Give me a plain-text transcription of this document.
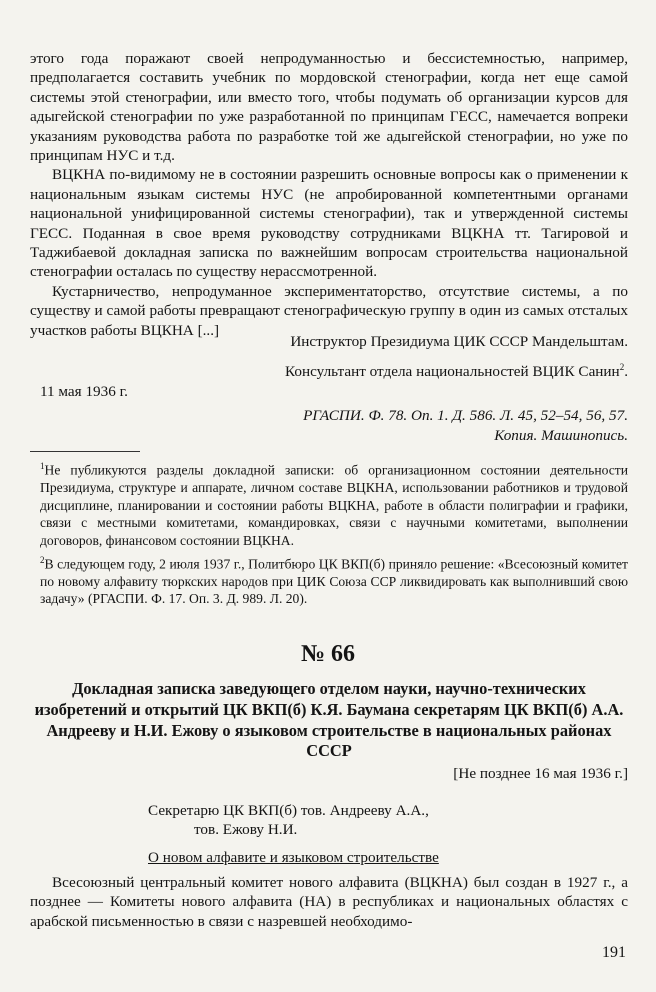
этого года поражают своей непродуманностью и бессистемностью, например, предполагается составить учебник по мордовской стенографии, когда нет еще самой системы этой стенографии, или вместо того, чтобы подумать об организации курсов для адыгейской стенографии по уже разработанной по принципам ГЕСС, намечается вопреки указаниям руководства работа по разработке той же адыгейской стенографии, но уже по принципам НУС и т.д.

ВЦКНА по-видимому не в состоянии разрешить основные вопросы как о применении к национальным языкам системы НУС (не апробированной компетентными органами национальной унифицированной системы стенографии), так и утвержденной системы ГЕСС. Поданная в свое время руководству сотрудниками ВЦКНА тт. Тагировой и Таджибаевой докладная записка по важнейшим вопросам строительства национальной стенографии осталась по существу нерассмотренной.

Кустарничество, непродуманное экспериментаторство, отсутствие системы, а по существу и самой работы превращают стенографическую группу в один из самых отсталых участков работы ВЦКНА [...]

Инструктор Президиума ЦИК СССР Мандельштам.
Консультант отдела национальностей ВЦИК Санин$^2$.
11 мая 1936 г.
РГАСПИ. Ф. 78. Оп. 1. Д. 586. Л. 45, 52–54, 56, 57.
Копия. Машинопись.

$^1$Не публикуются разделы докладной записки: об организационном состоянии деятельности Президиума, структуре и аппарате, личном составе ВЦКНА, использовании работников и трудовой дисциплине, планировании и состоянии работы ВЦКНА, работе в области полиграфии и графики, связи с местными комитетами, командировках, связи с научными комитетами, выполнении договоров, финансовом состоянии ВЦКНА.

$^2$В следующем году, 2 июля 1937 г., Политбюро ЦК ВКП(б) приняло решение: «Всесоюзный комитет по новому алфавиту тюркских народов при ЦИК Союза ССР ликвидировать как выполнивший свою задачу» (РГАСПИ. Ф. 17. Оп. 3. Д. 989. Л. 20).

№ 66
Докладная записка заведующего отделом науки, научно-технических изобретений и открытий ЦК ВКП(б) К.Я. Баумана секретарям ЦК ВКП(б) А.А. Андрееву и Н.И. Ежову о языковом строительстве в национальных районах СССР
[Не позднее 16 мая 1936 г.]
Секретарю ЦК ВКП(б) тов. Андрееву А.А.,
тов. Ежову Н.И.
О новом алфавите и языковом строительстве

Всесоюзный центральный комитет нового алфавита (ВЦКНА) был создан в 1927 г., а позднее — Комитеты нового алфавита (НА) в республиках и национальных областях с арабской письменностью в связи с назревшей необходимо-

191
